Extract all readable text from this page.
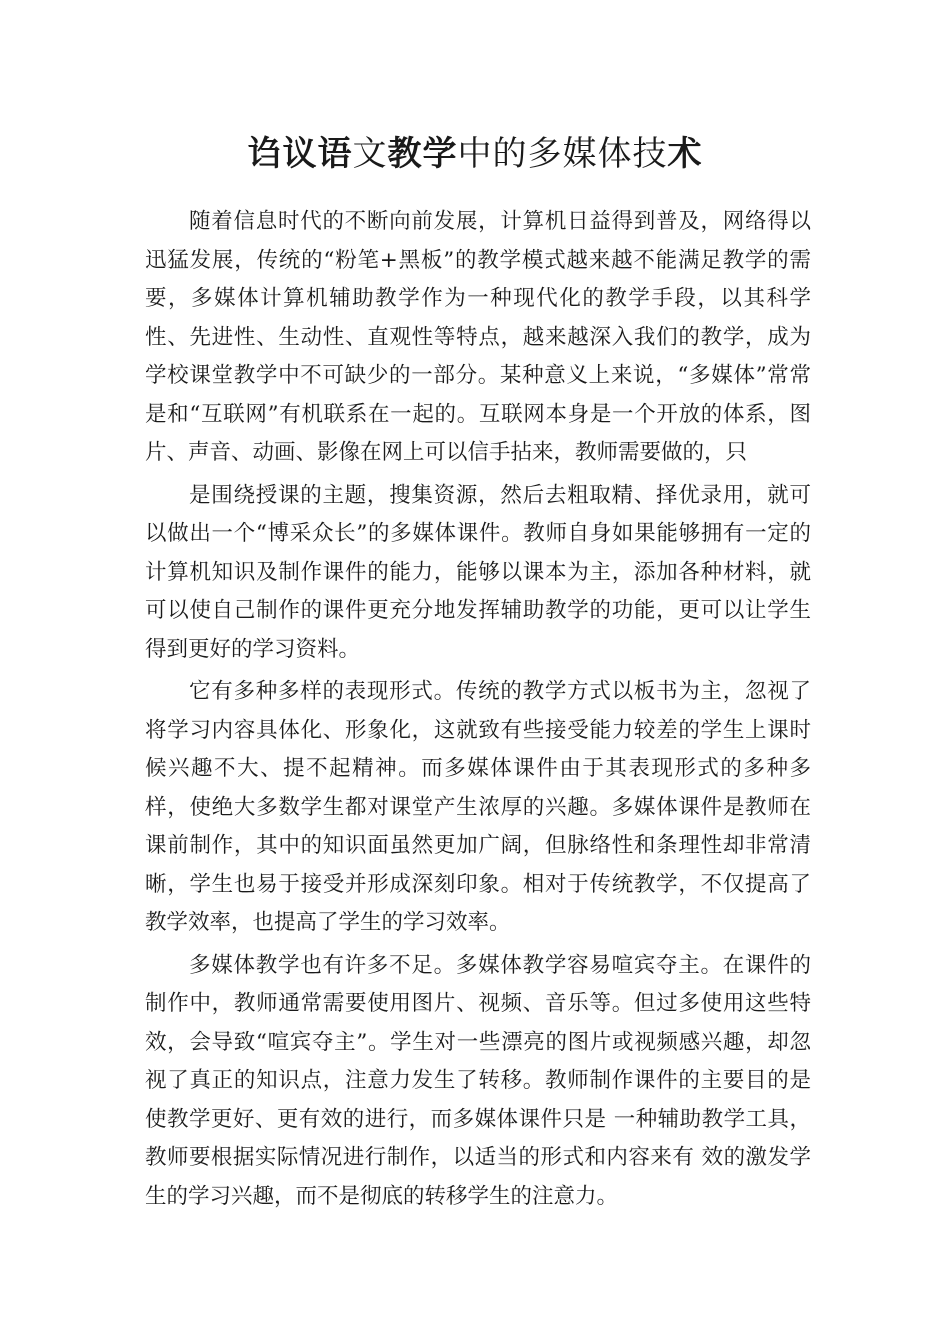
诌议语文教学中的多媒体技术

随着信息时代的不断向前发展，计算机日益得到普及，网络得以迅猛发展，传统的“粉笔+黑板”的教学模式越来越不能满足教学的需要，多媒体计算机辅助教学作为一种现代化的教学手段，以其科学性、先进性、生动性、直观性等特点，越来越深入我们的教学，成为学校课堂教学中不可缺少的一部分。某种意义上来说，“多媒体”常常是和“互联网”有机联系在一起的。互联网本身是一个开放的体系，图片、声音、动画、影像在网上可以信手拈来，教师需要做的，只

是围绕授课的主题，搜集资源，然后去粗取精、择优录用，就可以做出一个“博采众长”的多媒体课件。教师自身如果能够拥有一定的计算机知识及制作课件的能力，能够以课本为主，添加各种材料，就可以使自己制作的课件更充分地发挥辅助教学的功能，更可以让学生得到更好的学习资料。

它有多种多样的表现形式。传统的教学方式以板书为主，忽视了将学习内容具体化、形象化，这就致有些接受能力较差的学生上课时候兴趣不大、提不起精神。而多媒体课件由于其表现形式的多种多样，使绝大多数学生都对课堂产生浓厚的兴趣。多媒体课件是教师在课前制作，其中的知识面虽然更加广阔，但脉络性和条理性却非常清晰，学生也易于接受并形成深刻印象。相对于传统教学，不仅提高了教学效率，也提高了学生的学习效率。

多媒体教学也有许多不足。多媒体教学容易喧宾夺主。在课件的制作中，教师通常需要使用图片、视频、音乐等。但过多使用这些特效，会导致“喧宾夺主”。学生对一些漂亮的图片或视频感兴趣，却忽视了真正的知识点，注意力发生了转移。教师制作课件的主要目的是使教学更好、更有效的进行，而多媒体课件只是 一种辅助教学工具，教师要根据实际情况进行制作，以适当的形式和内容来有 效的激发学生的学习兴趣，而不是彻底的转移学生的注意力。
